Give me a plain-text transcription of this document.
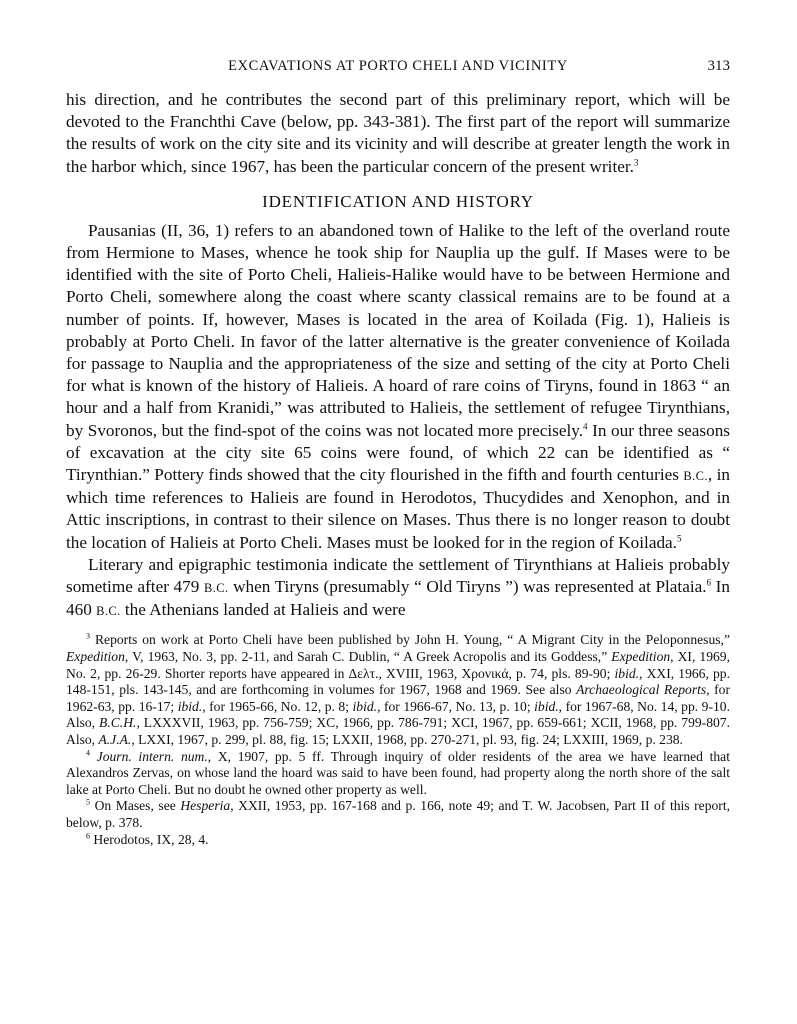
EXCAVATIONS AT PORTO CHELI AND VICINITY	313

his direction, and he contributes the second part of this preliminary report, which will be devoted to the Franchthi Cave (below, pp. 343-381). The first part of the report will summarize the results of work on the city site and its vicinity and will describe at greater length the work in the harbor which, since 1967, has been the particular concern of the present writer.$^3$

IDENTIFICATION AND HISTORY

Pausanias (II, 36, 1) refers to an abandoned town of Halike to the left of the overland route from Hermione to Mases, whence he took ship for Nauplia up the gulf. If Mases were to be identified with the site of Porto Cheli, Halieis-Halike would have to be between Hermione and Porto Cheli, somewhere along the coast where scanty classical remains are to be found at a number of points. If, however, Mases is located in the area of Koilada (Fig. 1), Halieis is probably at Porto Cheli. In favor of the latter alternative is the greater convenience of Koilada for passage to Nauplia and the appropriateness of the size and setting of the city at Porto Cheli for what is known of the history of Halieis. A hoard of rare coins of Tiryns, found in 1863 “ an hour and a half from Kranidi,” was attributed to Halieis, the settlement of refugee Tirynthians, by Svoronos, but the find-spot of the coins was not located more precisely.$^4$ In our three seasons of excavation at the city site 65 coins were found, of which 22 can be identified as “ Tirynthian.” Pottery finds showed that the city flourished in the fifth and fourth centuries B.C., in which time references to Halieis are found in Herodotos, Thucydides and Xenophon, and in Attic inscriptions, in contrast to their silence on Mases. Thus there is no longer reason to doubt the location of Halieis at Porto Cheli. Mases must be looked for in the region of Koilada.$^5$

Literary and epigraphic testimonia indicate the settlement of Tirynthians at Halieis probably sometime after 479 B.C. when Tiryns (presumably “ Old Tiryns ”) was represented at Plataia.$^6$ In 460 B.C. the Athenians landed at Halieis and were

$^3$ Reports on work at Porto Cheli have been published by John H. Young, “ A Migrant City in the Peloponnesus,” Expedition, V, 1963, No. 3, pp. 2-11, and Sarah C. Dublin, “ A Greek Acropolis and its Goddess,” Expedition, XI, 1969, No. 2, pp. 26-29. Shorter reports have appeared in Δελτ., XVIII, 1963, Χρονικά, p. 74, pls. 89-90; ibid., XXI, 1966, pp. 148-151, pls. 143-145, and are forthcoming in volumes for 1967, 1968 and 1969. See also Archaeological Reports, for 1962-63, pp. 16-17; ibid., for 1965-66, No. 12, p. 8; ibid., for 1966-67, No. 13, p. 10; ibid., for 1967-68, No. 14, pp. 9-10. Also, B.C.H., LXXXVII, 1963, pp. 756-759; XC, 1966, pp. 786-791; XCI, 1967, pp. 659-661; XCII, 1968, pp. 799-807. Also, A.J.A., LXXI, 1967, p. 299, pl. 88, fig. 15; LXXII, 1968, pp. 270-271, pl. 93, fig. 24; LXXIII, 1969, p. 238.

$^4$ Journ. intern. num., X, 1907, pp. 5 ff. Through inquiry of older residents of the area we have learned that Alexandros Zervas, on whose land the hoard was said to have been found, had property along the north shore of the salt lake at Porto Cheli. But no doubt he owned other property as well.

$^5$ On Mases, see Hesperia, XXII, 1953, pp. 167-168 and p. 166, note 49; and T. W. Jacobsen, Part II of this report, below, p. 378.

$^6$ Herodotos, IX, 28, 4.
